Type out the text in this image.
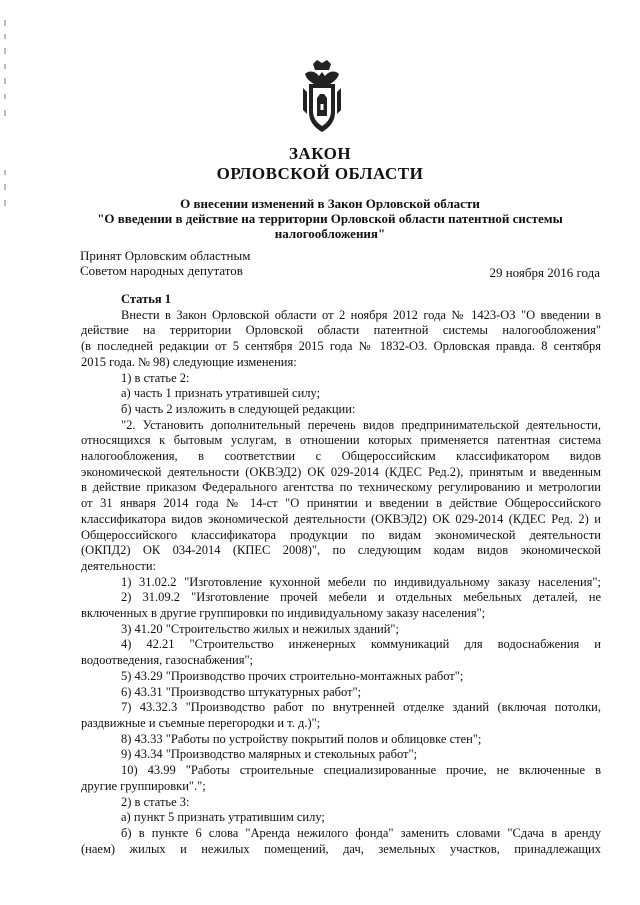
ЗАКОН
ОРЛОВСКОЙ ОБЛАСТИ
О внесении изменений в Закон Орловской области
"О введении в действие на территории Орловской области патентной системы
налогообложения"
Принят Орловским областным
Советом народных депутатов	29 ноября 2016 года

Статья 1

Внести в Закон Орловской области от 2 ноября 2012 года № 1423-ОЗ "О введении в

действие на территории Орловской области патентной системы налогообложения"

(в последней редакции от 5 сентября 2015 года № 1832-ОЗ. Орловская правда. 8 сентября

2015 года. № 98) следующие изменения:

1) в статье 2:

а) часть 1 признать утратившей силу;

б) часть 2 изложить в следующей редакции:

"2. Установить дополнительный перечень видов предпринимательской деятельности,

относящихся к бытовым услугам, в отношении которых применяется патентная система

налогообложения, в соответствии с Общероссийским классификатором видов

экономической деятельности (ОКВЭД2) ОК 029-2014 (КДЕС Ред.2), принятым и введенным

в действие приказом Федерального агентства по техническому регулированию и метрологии

от 31 января 2014 года № 14-ст "О принятии и введении в действие Общероссийского

классификатора видов экономической деятельности (ОКВЭД2) ОК 029-2014 (КДЕС Ред. 2) и

Общероссийского классификатора продукции по видам экономической деятельности

(ОКПД2) ОК 034-2014 (КПЕС 2008)", по следующим кодам видов экономической

деятельности:

1) 31.02.2 "Изготовление кухонной мебели по индивидуальному заказу населения";

2) 31.09.2 "Изготовление прочей мебели и отдельных мебельных деталей, не

включенных в другие группировки по индивидуальному заказу населения";

3) 41.20 "Строительство жилых и нежилых зданий";

4) 42.21 "Строительство инженерных коммуникаций для водоснабжения и

водоотведения, газоснабжения";

5) 43.29 "Производство прочих строительно-монтажных работ";

6) 43.31 "Производство штукатурных работ";

7) 43.32.3 "Производство работ по внутренней отделке зданий (включая потолки,

раздвижные и съемные перегородки и т. д.)";

8) 43.33 "Работы по устройству покрытий полов и облицовке стен";

9) 43.34 "Производство малярных и стекольных работ";

10) 43.99 "Работы строительные специализированные прочие, не включенные в

другие группировки".";

2) в статье 3:

а) пункт 5 признать утратившим силу;

б) в пункте 6 слова "Аренда нежилого фонда" заменить словами "Сдача в аренду

(наем) жилых и нежилых помещений, дач, земельных участков, принадлежащих
